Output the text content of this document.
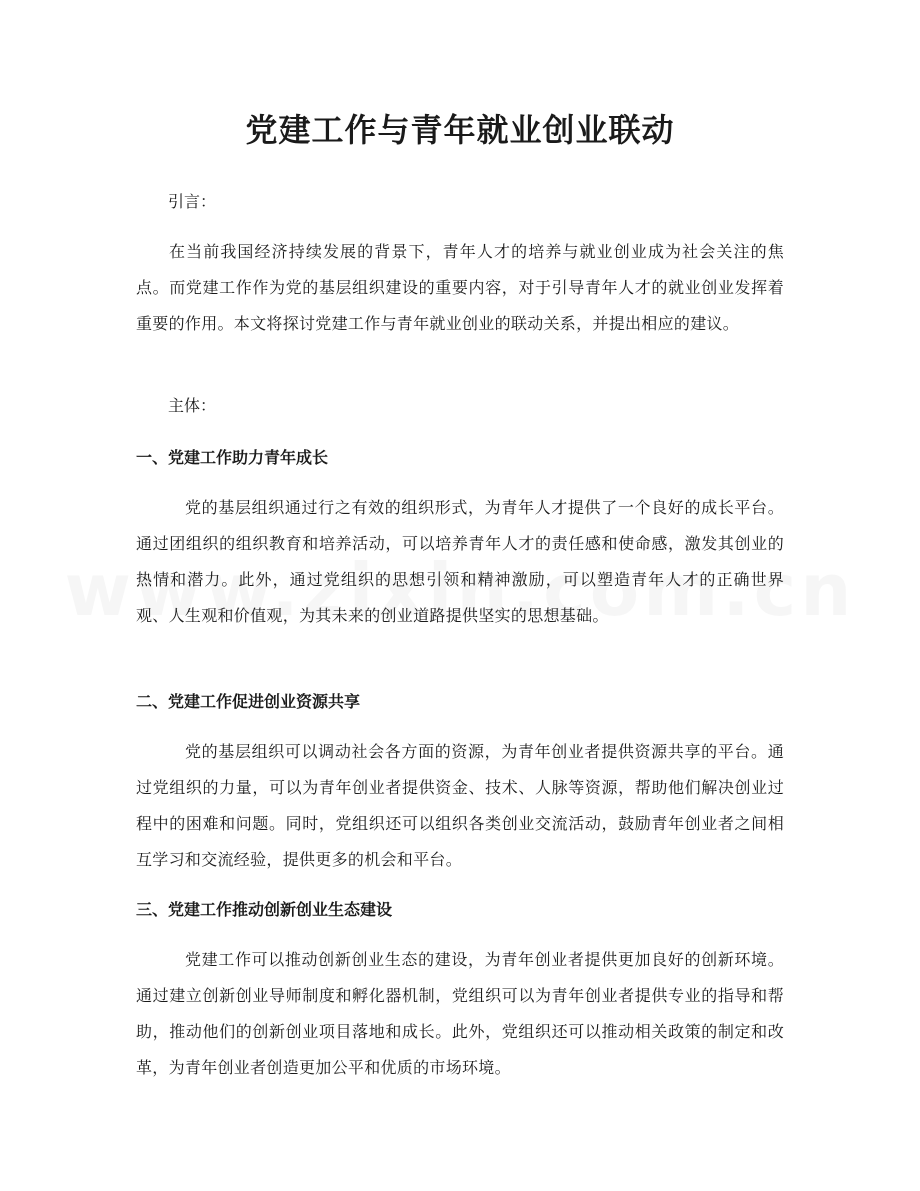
党建工作与青年就业创业联动

引言：

在当前我国经济持续发展的背景下，青年人才的培养与就业创业成为社会关注的焦点。而党建工作作为党的基层组织建设的重要内容，对于引导青年人才的就业创业发挥着重要的作用。本文将探讨党建工作与青年就业创业的联动关系，并提出相应的建议。

主体：

一、党建工作助力青年成长

党的基层组织通过行之有效的组织形式，为青年人才提供了一个良好的成长平台。通过团组织的组织教育和培养活动，可以培养青年人才的责任感和使命感，激发其创业的热情和潜力。此外，通过党组织的思想引领和精神激励，可以塑造青年人才的正确世界观、人生观和价值观，为其未来的创业道路提供坚实的思想基础。

二、党建工作促进创业资源共享

党的基层组织可以调动社会各方面的资源，为青年创业者提供资源共享的平台。通过党组织的力量，可以为青年创业者提供资金、技术、人脉等资源，帮助他们解决创业过程中的困难和问题。同时，党组织还可以组织各类创业交流活动，鼓励青年创业者之间相互学习和交流经验，提供更多的机会和平台。

三、党建工作推动创新创业生态建设

党建工作可以推动创新创业生态的建设，为青年创业者提供更加良好的创新环境。通过建立创新创业导师制度和孵化器机制，党组织可以为青年创业者提供专业的指导和帮助，推动他们的创新创业项目落地和成长。此外，党组织还可以推动相关政策的制定和改革，为青年创业者创造更加公平和优质的市场环境。
